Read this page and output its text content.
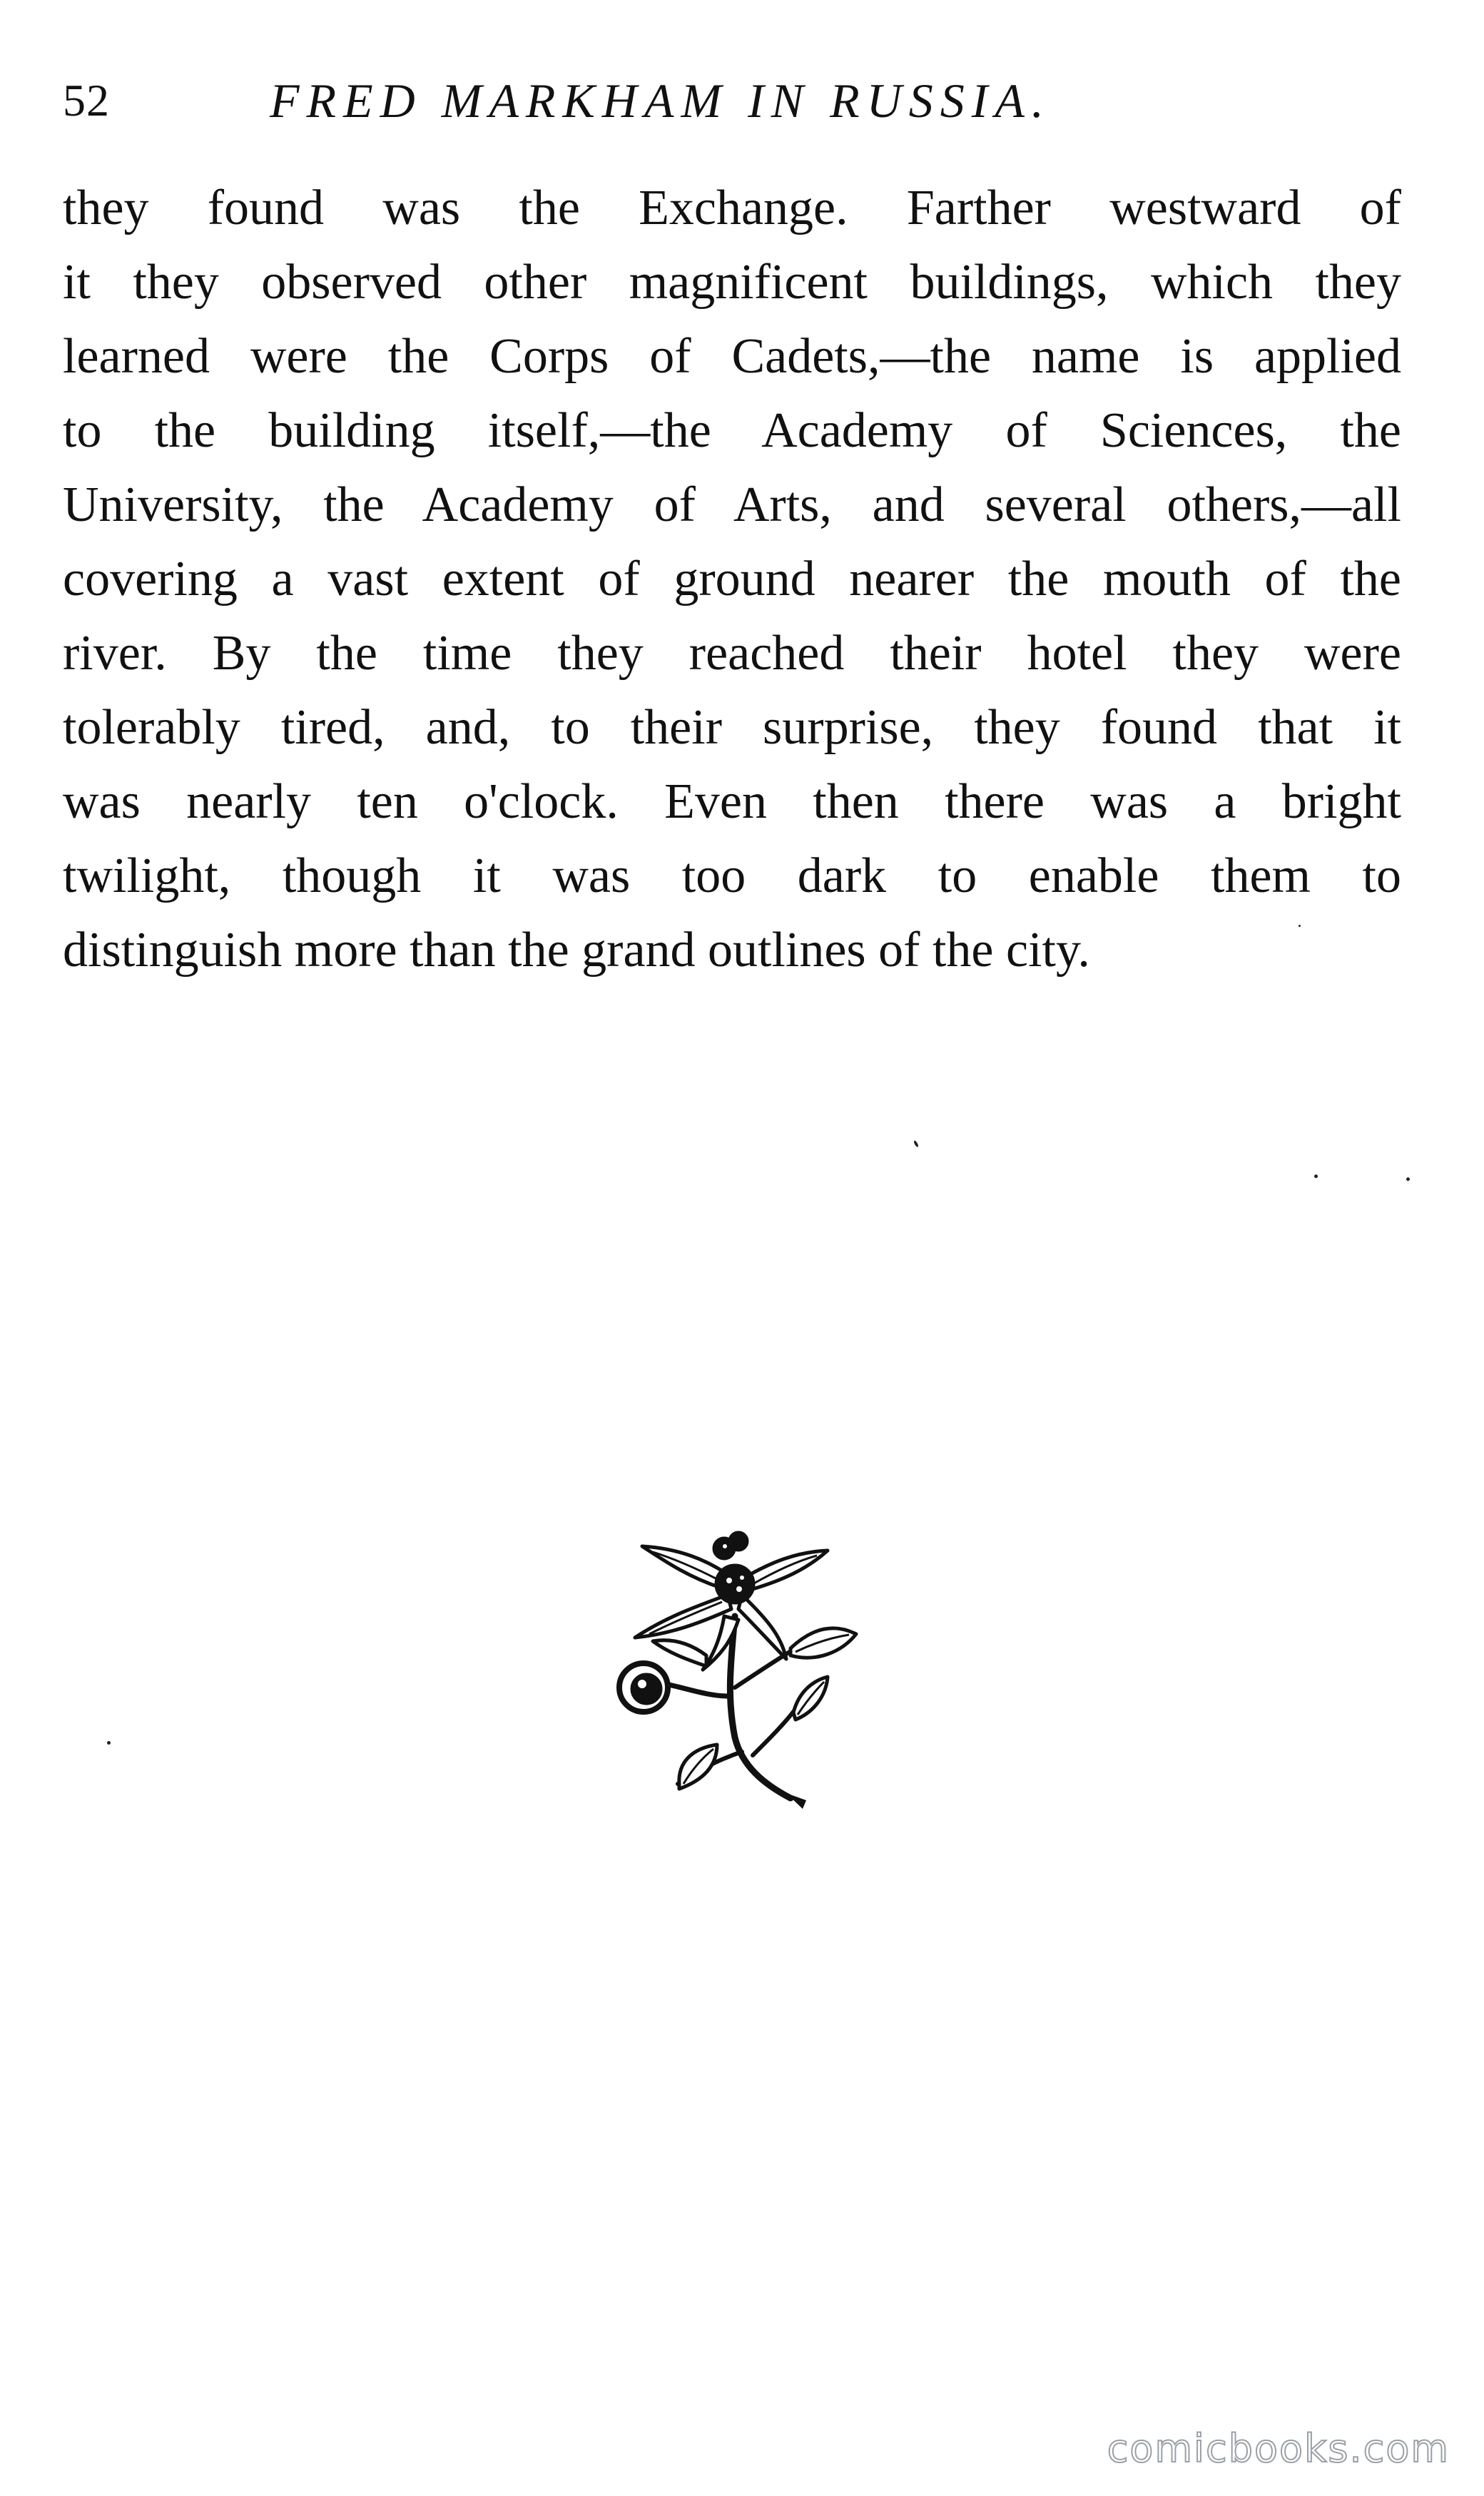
52	FRED MARKHAM IN RUSSIA.
they found was the Exchange. Farther westward of
it they observed other magnificent buildings, which they
learned were the Corps of Cadets,—the name is applied
to the building itself,—the Academy of Sciences, the
University, the Academy of Arts, and several others,—all
covering a vast extent of ground nearer the mouth of the
river. By the time they reached their hotel they were
tolerably tired, and, to their surprise, they found that it
was nearly ten o'clock. Even then there was a bright
twilight, though it was too dark to enable them to
distinguish more than the grand outlines of the city.
comicbooks.com
